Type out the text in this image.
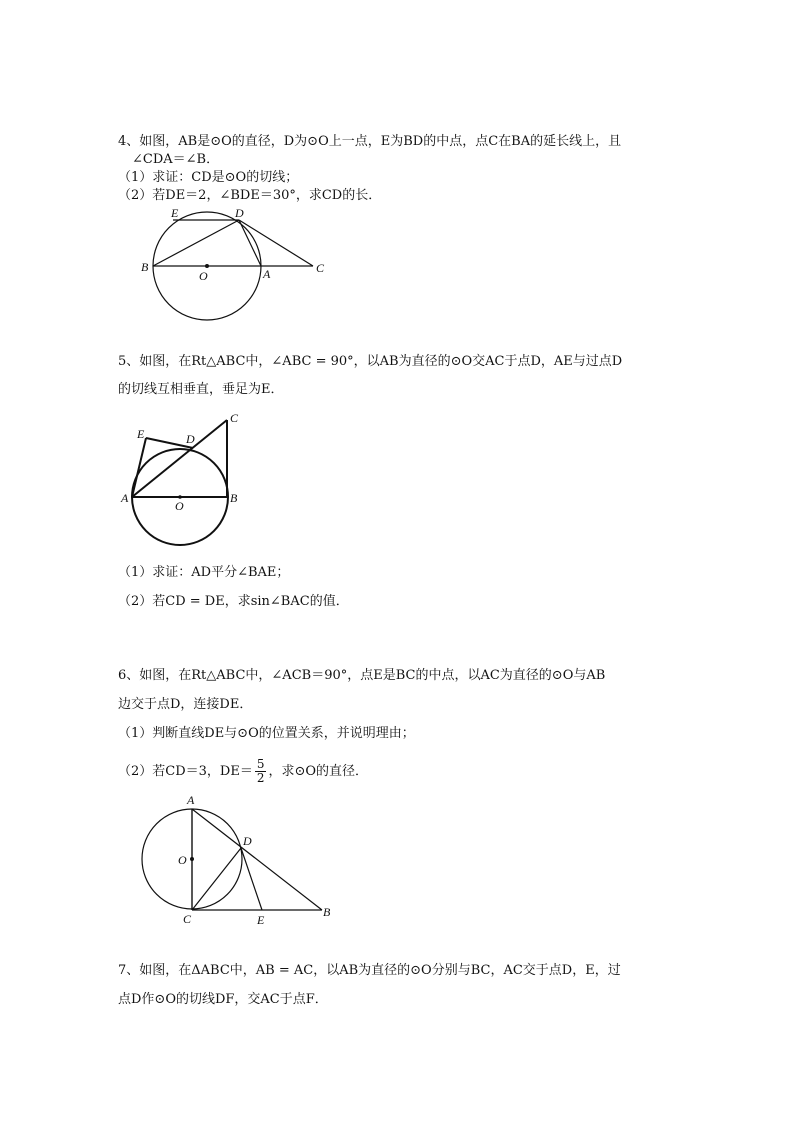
4、如图，AB是⊙O的直径，D为⊙O上一点，E为BD的中点，点C在BA的延长线上，且
∠CDA＝∠B．
（1）求证：CD是⊙O的切线；
（2）若DE＝2，∠BDE＝30°，求CD的长．
E	D
B
O	A	C
5、如图，在Rt△ABC中，∠ABC = 90°，以AB为直径的⊙O交AC于点D，AE与过点D
的切线互相垂直，垂足为E．
C
E	D
A
O
B
（1）求证：AD平分∠BAE；
（2）若CD = DE，求sin∠BAC的值．
6、如图，在Rt△ABC中，∠ACB＝90°，点E是BC的中点，以AC为直径的⊙O与AB
边交于点D，连接DE．
（1）判断直线DE与⊙O的位置关系，并说明理由；
（2）若CD＝3，$DE= \frac{5}{2}$ ，求⊙O的直径．
A
D
O
C	E
B
7、如图，在ΔABC中，AB = AC，以AB为直径的⊙O分别与BC，AC交于点D，E，过
点D作⊙O的切线DF，交AC于点F．
